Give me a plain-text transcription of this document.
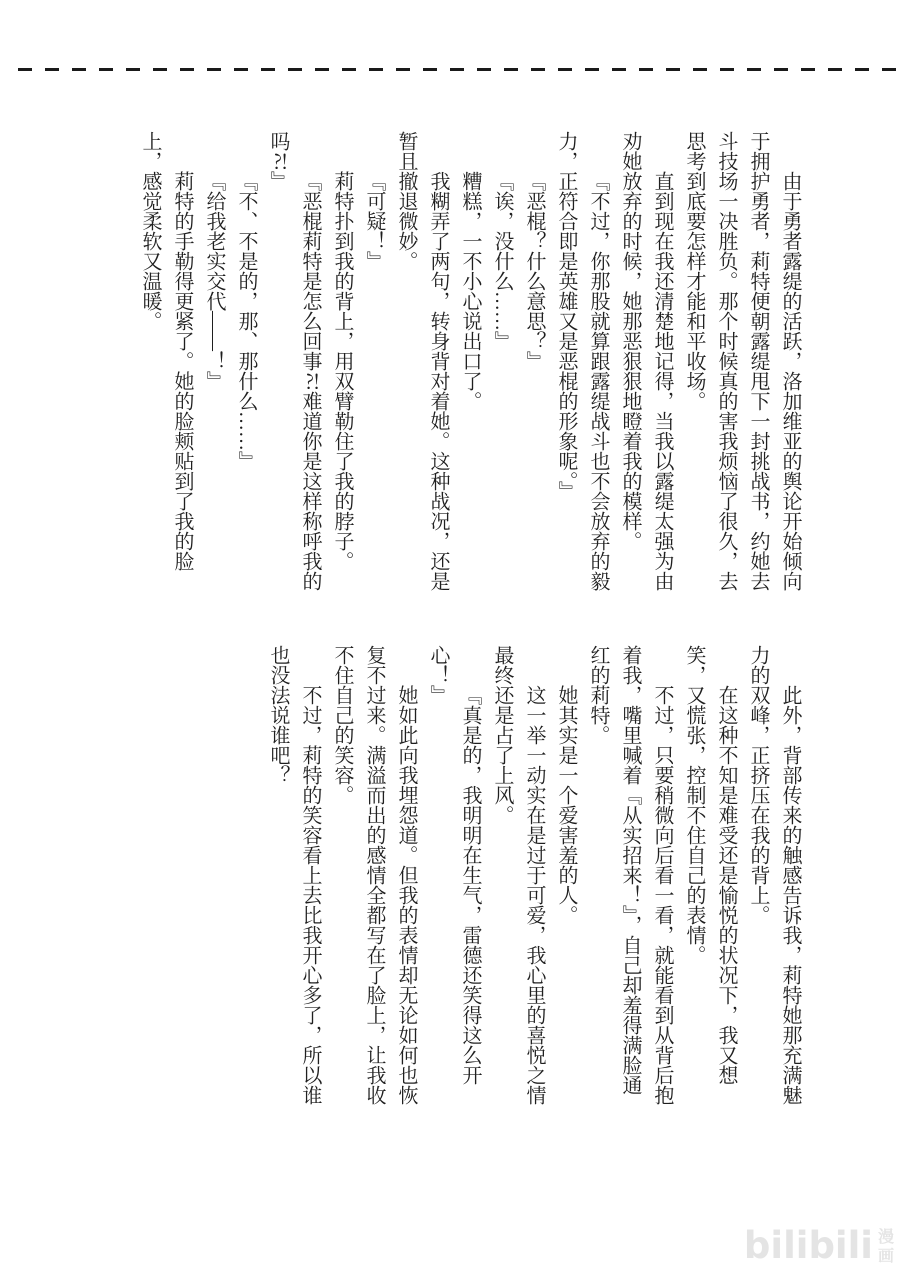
由于勇者露缇的活跃，洛加维亚的舆论开始倾向于拥护勇者，莉特便朝露缇甩下一封挑战书，约她去斗技场一决胜负。那个时候真的害我烦恼了很久，去思考到底要怎样才能和平收场。

直到现在我还清楚地记得，当我以露缇太强为由劝她放弃的时候，她那恶狠狠地瞪着我的模样。

『不过，你那股就算跟露缇战斗也不会放弃的毅力，正符合即是英雄又是恶棍的形象呢。』

『恶棍？什么意思？』

『诶，没什么……』

糟糕，一不小心说出口了。

我糊弄了两句，转身背对着她。这种战况，还是暂且撤退微妙。

『可疑！』

莉特扑到我的背上，用双臂勒住了我的脖子。

『恶棍莉特是怎么回事⁈难道你是这样称呼我的吗⁈』

『不、不是的，那、那什么……』

『给我老实交代——！』

莉特的手勒得更紧了。她的脸颊贴到了我的脸上，感觉柔软又温暖。

此外，背部传来的触感告诉我，莉特她那充满魅力的双峰，正挤压在我的背上。

在这种不知是难受还是愉悦的状况下，我又想笑，又慌张，控制不住自己的表情。

不过，只要稍微向后看一看，就能看到从背后抱着我，嘴里喊着『从实招来！』，自己却羞得满脸通红的莉特。

她其实是一个爱害羞的人。

这一举一动实在是过于可爱，我心里的喜悦之情最终还是占了上风。

『真是的，我明明在生气，雷德还笑得这么开心！』

她如此向我埋怨道。但我的表情却无论如何也恢复不过来。满溢而出的感情全都写在了脸上，让我收不住自己的笑容。

不过，莉特的笑容看上去比我开心多了，所以谁也没法说谁吧？

bilibili 漫
画
